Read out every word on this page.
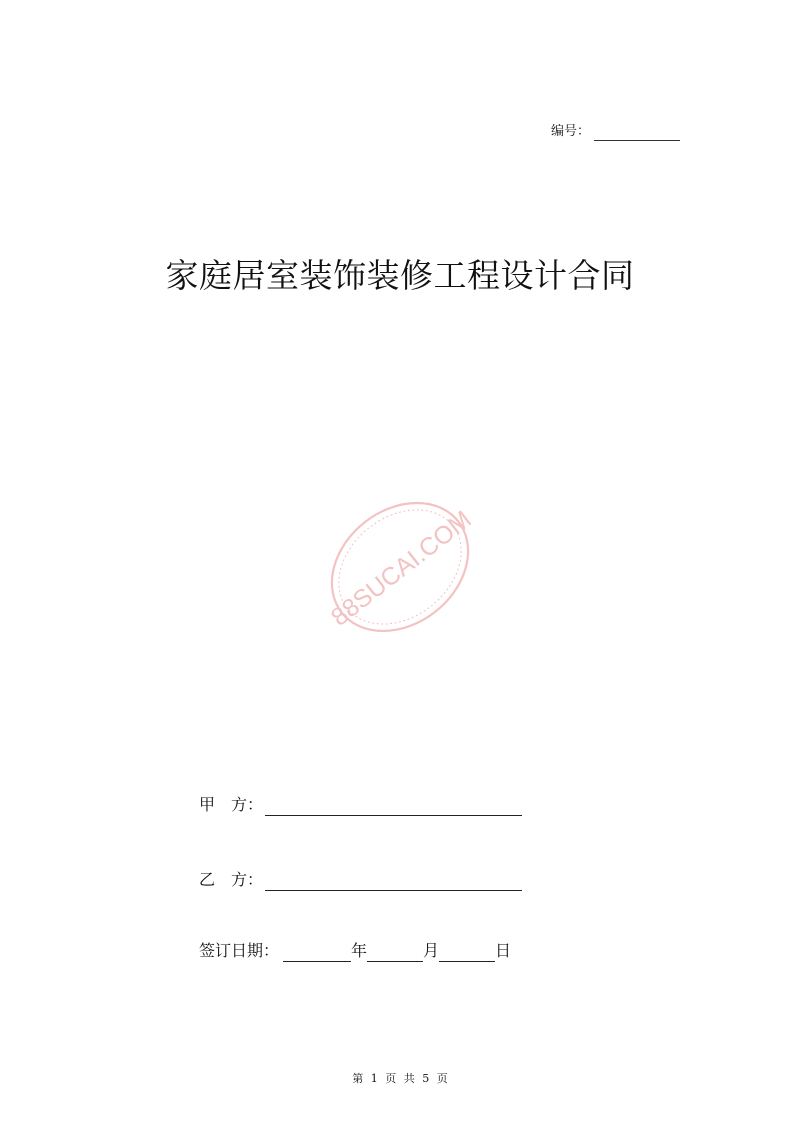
编号：
家庭居室装饰装修工程设计合同
88SUCAI.COM
甲　方：
乙　方：
签订日期：	年	月	日
第 1 页 共 5 页
